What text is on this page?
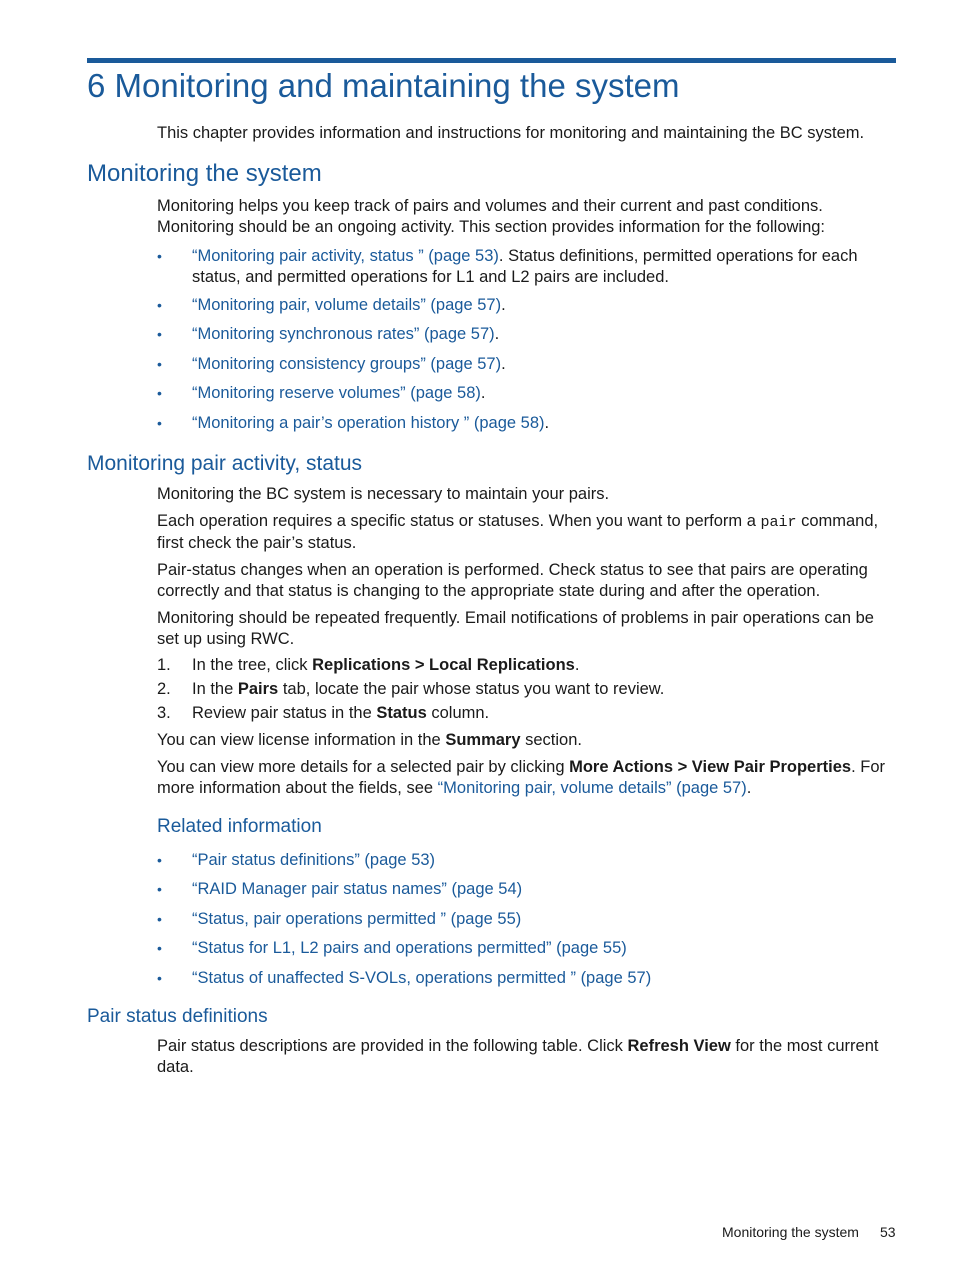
6 Monitoring and maintaining the system

This chapter provides information and instructions for monitoring and maintaining the BC system.

Monitoring the system

Monitoring helps you keep track of pairs and volumes and their current and past conditions. Monitoring should be an ongoing activity. This section provides information for the following:

•	“Monitoring pair activity, status ” (page 53). Status definitions, permitted operations for each status, and permitted operations for L1 and L2 pairs are included.
•	“Monitoring pair, volume details” (page 57).
•	“Monitoring synchronous rates” (page 57).
•	“Monitoring consistency groups” (page 57).
•	“Monitoring reserve volumes” (page 58).
•	“Monitoring a pair’s operation history ” (page 58).
Monitoring pair activity, status

Monitoring the BC system is necessary to maintain your pairs.

Each operation requires a specific status or statuses. When you want to perform a pair command, first check the pair’s status.

Pair-status changes when an operation is performed. Check status to see that pairs are operating correctly and that status is changing to the appropriate state during and after the operation.

Monitoring should be repeated frequently. Email notifications of problems in pair operations can be set up using RWC.

1. In the tree, click Replications > Local Replications.
2. In the Pairs tab, locate the pair whose status you want to review.
3. Review pair status in the Status column.

You can view license information in the Summary section.

You can view more details for a selected pair by clicking More Actions > View Pair Properties. For more information about the fields, see “Monitoring pair, volume details” (page 57).

Related information
•	“Pair status definitions” (page 53)
•	“RAID Manager pair status names” (page 54)
•	“Status, pair operations permitted ” (page 55)
•	“Status for L1, L2 pairs and operations permitted” (page 55)
•	“Status of unaffected S-VOLs, operations permitted ” (page 57)
Pair status definitions

Pair status descriptions are provided in the following table. Click Refresh View for the most current data.

Monitoring the system 53
